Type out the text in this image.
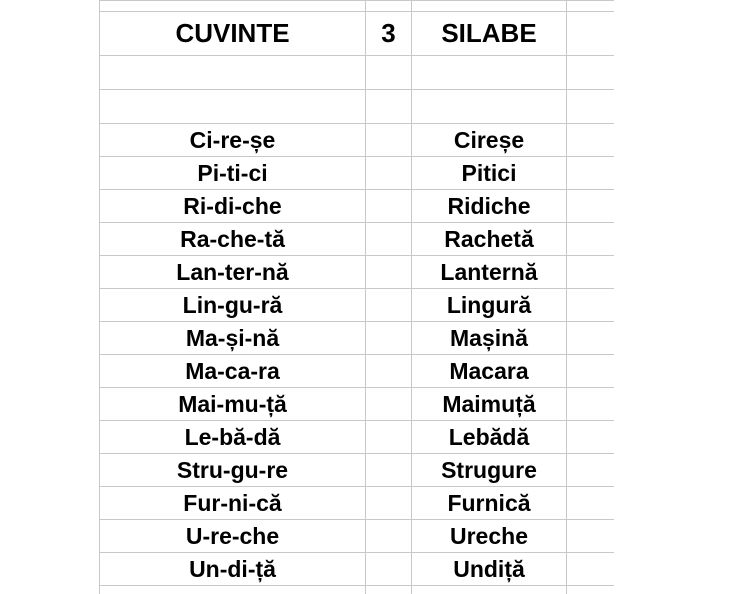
CUVINTE	3	SILABE	

Ci-re-șe		Cireșe	
Pi-ti-ci		Pitici	
Ri-di-che		Ridiche	
Ra-che-tă		Rachetă	
Lan-ter-nă		Lanternă	
Lin-gu-ră		Lingură	
Ma-și-nă		Mașină	
Ma-ca-ra		Macara	
Mai-mu-ță		Maimuță	
Le-bă-dă		Lebădă	
Stru-gu-re		Strugure	
Fur-ni-că		Furnică	
U-re-che		Ureche	
Un-di-ță		Undiță	
